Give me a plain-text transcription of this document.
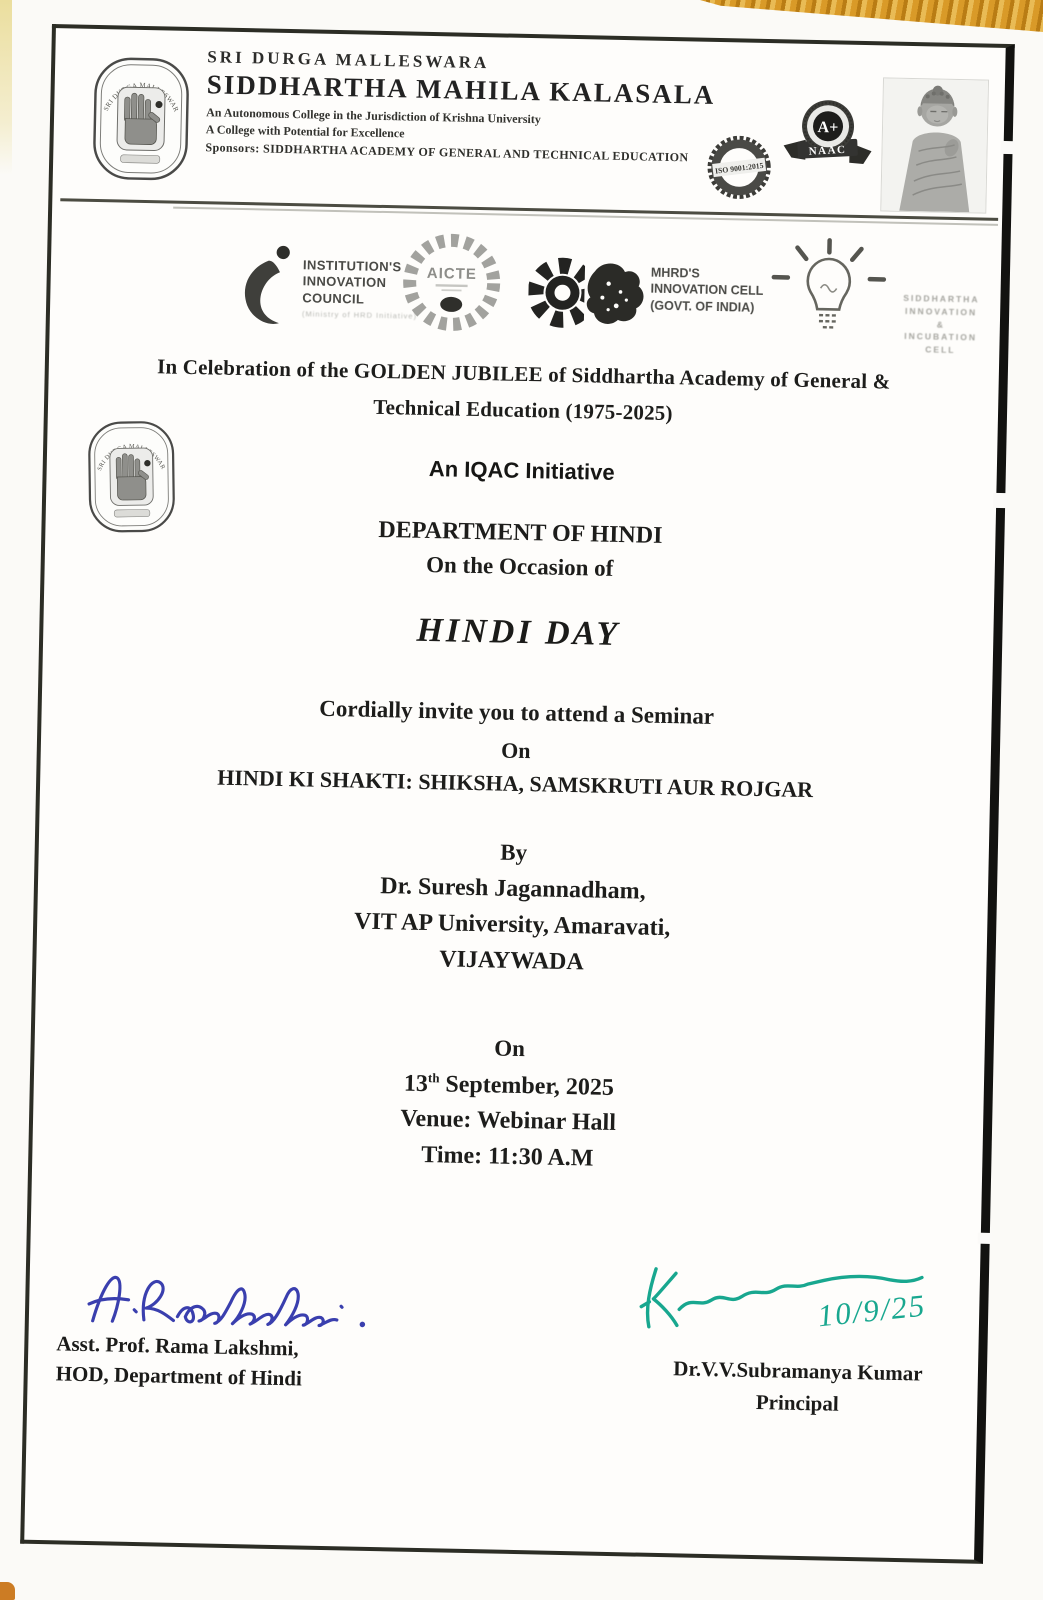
SRI DURGA MALLESWARA
SIDDHARTHA MAHILA KALASALA
An Autonomous College in the Jurisdiction of Krishna University
A College with Potential for Excellence
Sponsors: SIDDHARTHA ACADEMY OF GENERAL AND TECHNICAL EDUCATION
ISO 9001:2015
A+
NAAC
INSTITUTION'S
INNOVATION
COUNCIL
(Ministry of HRD Initiative)
AICTE	MHRD'S
INNOVATION CELL
(GOVT. OF INDIA)	SIDDHARTHA
INNOVATION
&
INCUBATION
CELL
In Celebration of the GOLDEN JUBILEE of Siddhartha Academy of General &
Technical Education (1975-2025)
An IQAC Initiative
DEPARTMENT OF HINDI
On the Occasion of
HINDI DAY
Cordially invite you to attend a Seminar
On
HINDI KI SHAKTI: SHIKSHA, SAMSKRUTI AUR ROJGAR
By
Dr. Suresh Jagannadham,
VIT AP University, Amaravati,
VIJAYWADA
On
13th September, 2025
Venue: Webinar Hall
Time: 11:30 A.M
Asst. Prof. Rama Lakshmi,
HOD, Department of Hindi
10/9/25
Dr.V.V.Subramanya Kumar
Principal
